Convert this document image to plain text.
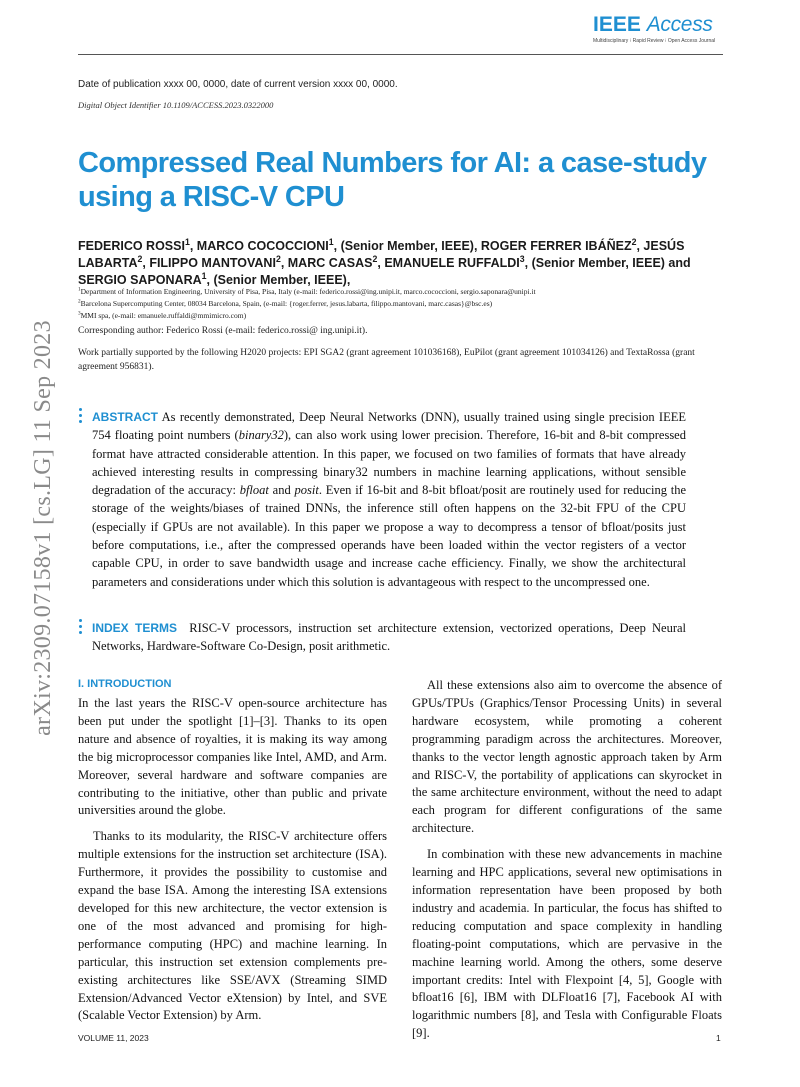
IEEE Access
Multidisciplinary ⁝ Rapid Review ⁝ Open Access Journal
Date of publication xxxx 00, 0000, date of current version xxxx 00, 0000.
Digital Object Identifier 10.1109/ACCESS.2023.0322000
Compressed Real Numbers for AI: a case-study using a RISC-V CPU
FEDERICO ROSSI$^1$, MARCO COCOCCIONI$^1$, (Senior Member, IEEE), ROGER FERRER IBÁÑEZ$^2$, JESÚS LABARTA$^2$, FILIPPO MANTOVANI$^2$, MARC CASAS$^2$, EMANUELE RUFFALDI$^3$, (Senior Member, IEEE) and SERGIO SAPONARA$^1$, (Senior Member, IEEE),
$^1$Department of Information Engineering, University of Pisa, Pisa, Italy (e-mail: federico.rossi@ing.unipi.it, marco.cococcioni, sergio.saponara@unipi.it
$^2$Barcelona Supercomputing Center, 08034 Barcelona, Spain, (e-mail: {roger.ferrer, jesus.labarta, filippo.mantovani, marc.casas}@bsc.es)
$^3$MMI spa, (e-mail: emanuele.ruffaldi@mmimicro.com)
Corresponding author: Federico Rossi (e-mail: federico.rossi@ ing.unipi.it).
Work partially supported by the following H2020 projects: EPI SGA2 (grant agreement 101036168), EuPilot (grant agreement 101034126) and TextaRossa (grant agreement 956831).
ABSTRACT As recently demonstrated, Deep Neural Networks (DNN), usually trained using single precision IEEE 754 floating point numbers (binary32), can also work using lower precision. Therefore, 16-bit and 8-bit compressed format have attracted considerable attention. In this paper, we focused on two families of formats that have already achieved interesting results in compressing binary32 numbers in machine learning applications, without sensible degradation of the accuracy: bfloat and posit. Even if 16-bit and 8-bit bfloat/posit are routinely used for reducing the storage of the weights/biases of trained DNNs, the inference still often happens on the 32-bit FPU of the CPU (especially if GPUs are not available). In this paper we propose a way to decompress a tensor of bfloat/posits just before computations, i.e., after the compressed operands have been loaded within the vector registers of a vector capable CPU, in order to save bandwidth usage and increase cache efficiency. Finally, we show the architectural parameters and considerations under which this solution is advantageous with respect to the uncompressed one.
INDEX TERMS RISC-V processors, instruction set architecture extension, vectorized operations, Deep Neural Networks, Hardware-Software Co-Design, posit arithmetic.
I. INTRODUCTION

In the last years the RISC-V open-source architecture has been put under the spotlight [1]–[3]. Thanks to its open nature and absence of royalties, it is making its way among the big microprocessor companies like Intel, AMD, and Arm. Moreover, several hardware and software companies are contributing to the initiative, other than public and private universities around the globe.

Thanks to its modularity, the RISC-V architecture offers multiple extensions for the instruction set architecture (ISA). Furthermore, it provides the possibility to customise and expand the base ISA. Among the interesting ISA extensions developed for this new architecture, the vector extension is one of the most advanced and promising for high-performance computing (HPC) and machine learning. In particular, this instruction set extension complements pre-existing architectures like SSE/AVX (Streaming SIMD Extension/Advanced Vector eXtension) by Intel, and SVE (Scalable Vector Extension) by Arm.

All these extensions also aim to overcome the absence of GPUs/TPUs (Graphics/Tensor Processing Units) in several hardware ecosystem, while promoting a coherent programming paradigm across the architectures. Moreover, thanks to the vector length agnostic approach taken by Arm and RISC-V, the portability of applications can skyrocket in the same architecture environment, without the need to adapt each program for different configurations of the same architecture.

In combination with these new advancements in machine learning and HPC applications, several new optimisations in information representation have been proposed by both industry and academia. In particular, the focus has shifted to reducing computation and space complexity in handling floating-point computations, which are pervasive in the machine learning world. Among the others, some deserve important credits: Intel with Flexpoint [4, 5], Google with bfloat16 [6], IBM with DLFloat16 [7], Facebook AI with logarithmic numbers [8], and Tesla with Configurable Floats [9].

VOLUME 11, 2023	1
arXiv:2309.07158v1 [cs.LG] 11 Sep 2023
